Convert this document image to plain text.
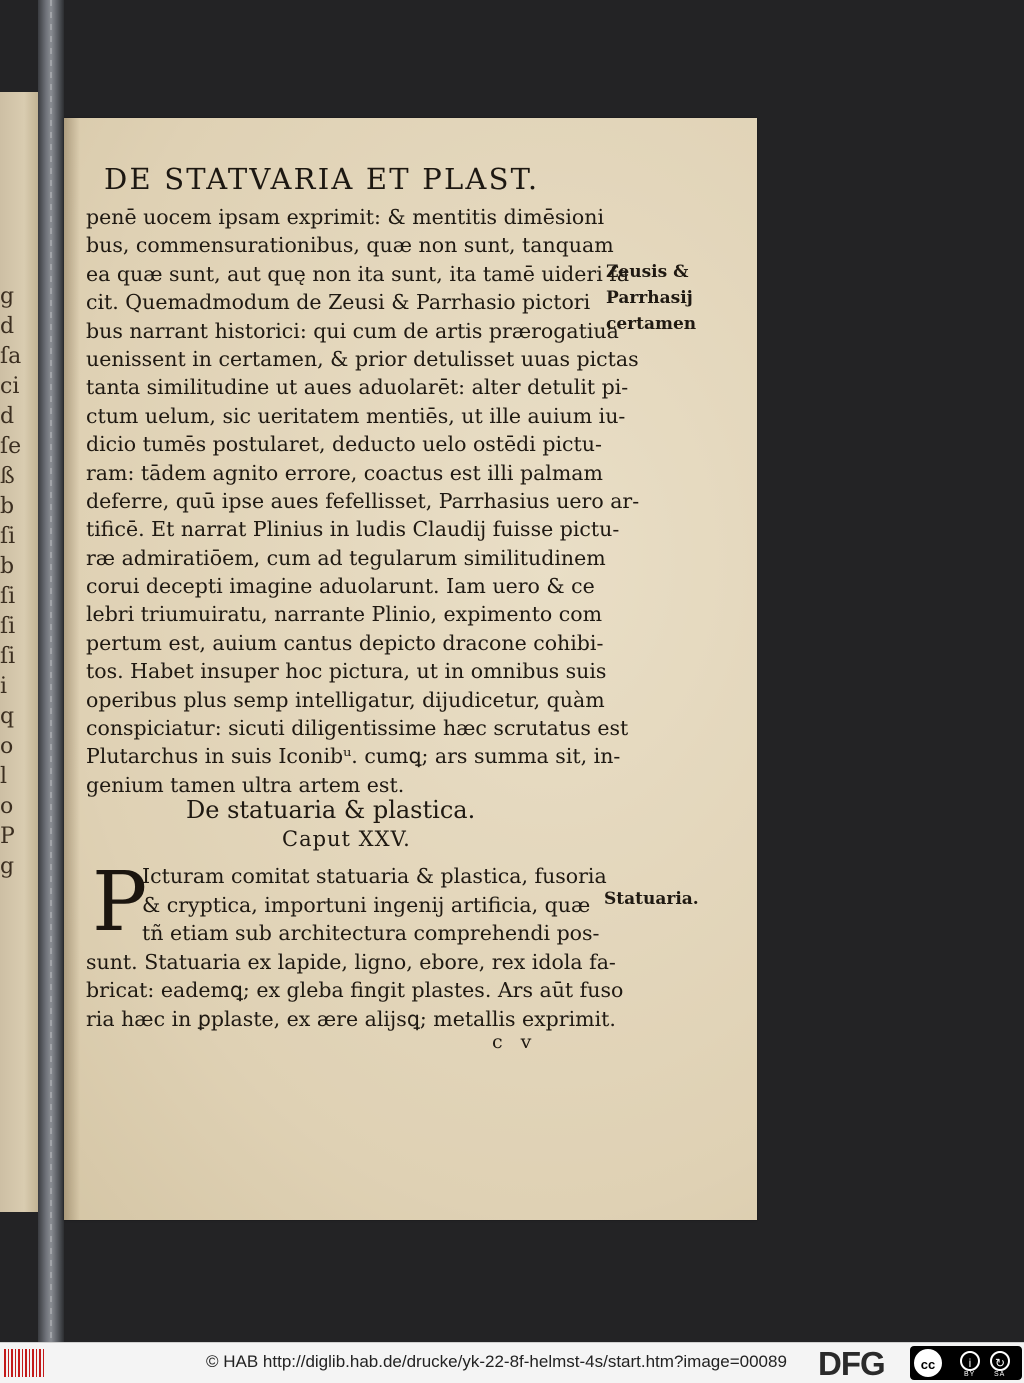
g
d
ſa
ci
d
ſe
ß
b
ſi
b
ſi
ſi
ſi
i
q
o
l
o
P
g
DE STATVARIA ET PLAST.
penē uocem ipsam exprimit: & mentitis dimēsioni
bus, commensurationibus, quæ non sunt, tanquam
ea quæ sunt, aut quę non ita sunt, ita tamē uideri fa
cit. Quemadmodum de Zeusi & Parrhasio pictori
bus narrant historici: qui cum de artis prærogatiua
uenissent in certamen, & prior detulisset uuas pictas
tanta similitudine ut aues aduolarēt: alter detulit pi-
ctum uelum, sic ueritatem mentiēs, ut ille auium iu-
dicio tumēs postularet, deducto uelo ostēdi pictu-
ram: tādem agnito errore, coactus est illi palmam
deferre, quū ipse aues fefellisset, Parrhasius uero ar-
tificē. Et narrat Plinius in ludis Claudij fuisse pictu-
ræ admiratiōem, cum ad tegularum similitudinem
corui decepti imagine aduolarunt. Iam uero & ce
lebri triumuiratu, narrante Plinio, expimento com
pertum est, auium cantus depicto dracone cohibi-
tos. Habet insuper hoc pictura, ut in omnibus suis
operibus plus semp intelligatur, dijudicetur, quàm
conspiciatur: sicuti diligentissime hæc scrutatus est
Plutarchus in suis Iconibᵘ. cumꝗ; ars summa sit, in-
genium tamen ultra artem est.
Zeusis &
Parrhasij
certamen
De statuaria & plastica.
Caput XXV.
P
Icturam comitat statuaria & plastica, fusoria
& cryptica, importuni ingenij artificia, quæ
tñ etiam sub architectura comprehendi pos-
sunt. Statuaria ex lapide, ligno, ebore, rex idola fa-
bricat: eademꝗ; ex gleba fingit plastes. Ars aūt fuso
ria hæc in ꝑplaste, ex ære alijsꝗ; metallis exprimit.
Statuaria.
c v
© HAB http://diglib.hab.de/drucke/yk-22-8f-helmst-4s/start.htm?image=00089 DFG	cc	i	↻
BY	SA
